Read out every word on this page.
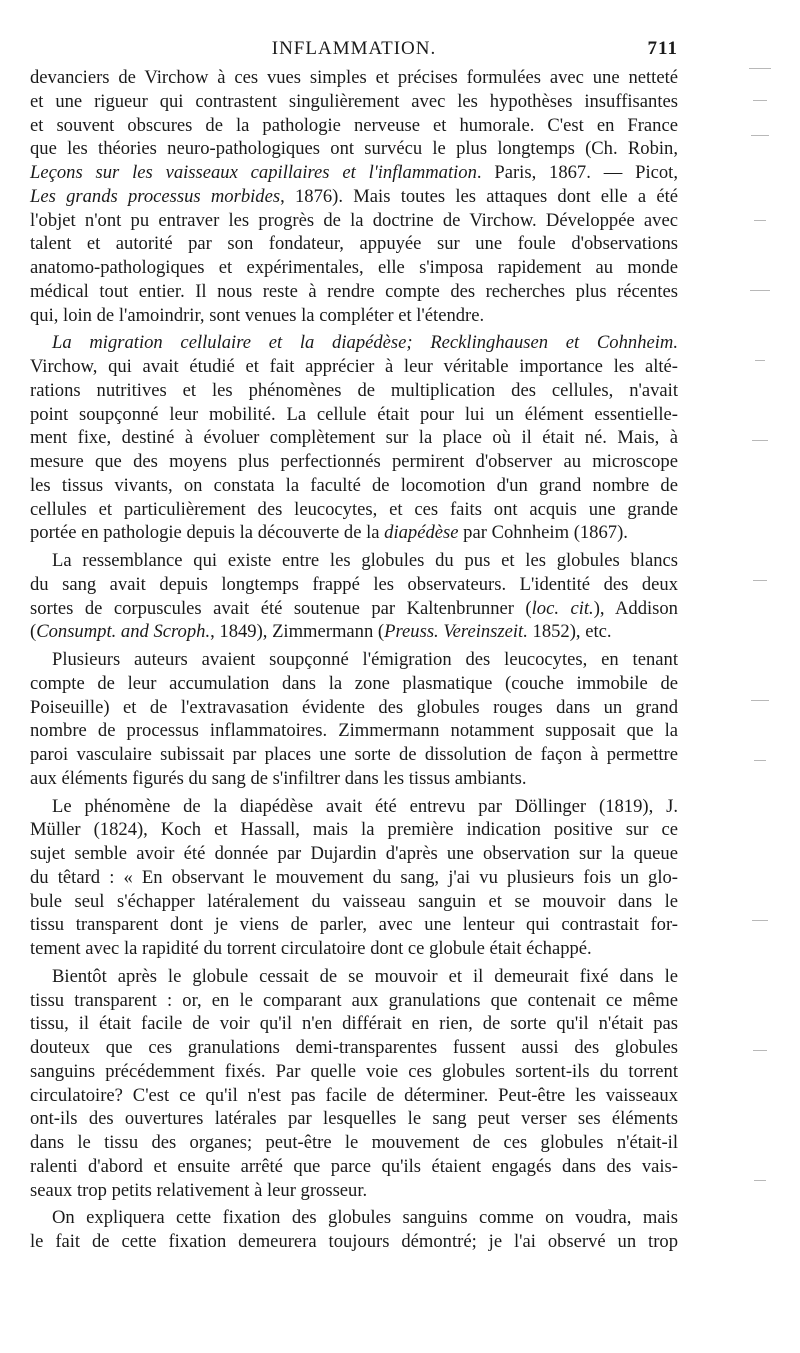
INFLAMMATION.	711
devanciers de Virchow à ces vues simples et précises formulées avec une netteté
et une rigueur qui contrastent singulièrement avec les hypothèses insuffisantes
et souvent obscures de la pathologie nerveuse et humorale. C'est en France
que les théories neuro-pathologiques ont survécu le plus longtemps (Ch. Robin,
Leçons sur les vaisseaux capillaires et l'inflammation. Paris, 1867. — Picot,
Les grands processus morbides, 1876). Mais toutes les attaques dont elle a été
l'objet n'ont pu entraver les progrès de la doctrine de Virchow. Développée avec
talent et autorité par son fondateur, appuyée sur une foule d'observations
anatomo-pathologiques et expérimentales, elle s'imposa rapidement au monde
médical tout entier. Il nous reste à rendre compte des recherches plus récentes
qui, loin de l'amoindrir, sont venues la compléter et l'étendre.
La migration cellulaire et la diapédèse; Recklinghausen et Cohnheim.
Virchow, qui avait étudié et fait apprécier à leur véritable importance les alté-
rations nutritives et les phénomènes de multiplication des cellules, n'avait
point soupçonné leur mobilité. La cellule était pour lui un élément essentielle-
ment fixe, destiné à évoluer complètement sur la place où il était né. Mais, à
mesure que des moyens plus perfectionnés permirent d'observer au microscope
les tissus vivants, on constata la faculté de locomotion d'un grand nombre de
cellules et particulièrement des leucocytes, et ces faits ont acquis une grande
portée en pathologie depuis la découverte de la diapédèse par Cohnheim (1867).
La ressemblance qui existe entre les globules du pus et les globules blancs
du sang avait depuis longtemps frappé les observateurs. L'identité des deux
sortes de corpuscules avait été soutenue par Kaltenbrunner (loc. cit.), Addison
(Consumpt. and Scroph., 1849), Zimmermann (Preuss. Vereinszeit. 1852), etc.
Plusieurs auteurs avaient soupçonné l'émigration des leucocytes, en tenant
compte de leur accumulation dans la zone plasmatique (couche immobile de
Poiseuille) et de l'extravasation évidente des globules rouges dans un grand
nombre de processus inflammatoires. Zimmermann notamment supposait que la
paroi vasculaire subissait par places une sorte de dissolution de façon à permettre
aux éléments figurés du sang de s'infiltrer dans les tissus ambiants.
Le phénomène de la diapédèse avait été entrevu par Döllinger (1819), J.
Müller (1824), Koch et Hassall, mais la première indication positive sur ce
sujet semble avoir été donnée par Dujardin d'après une observation sur la queue
du têtard : « En observant le mouvement du sang, j'ai vu plusieurs fois un glo-
bule seul s'échapper latéralement du vaisseau sanguin et se mouvoir dans le
tissu transparent dont je viens de parler, avec une lenteur qui contrastait for-
tement avec la rapidité du torrent circulatoire dont ce globule était échappé.
Bientôt après le globule cessait de se mouvoir et il demeurait fixé dans le
tissu transparent : or, en le comparant aux granulations que contenait ce même
tissu, il était facile de voir qu'il n'en différait en rien, de sorte qu'il n'était pas
douteux que ces granulations demi-transparentes fussent aussi des globules
sanguins précédemment fixés. Par quelle voie ces globules sortent-ils du torrent
circulatoire? C'est ce qu'il n'est pas facile de déterminer. Peut-être les vaisseaux
ont-ils des ouvertures latérales par lesquelles le sang peut verser ses éléments
dans le tissu des organes; peut-être le mouvement de ces globules n'était-il
ralenti d'abord et ensuite arrêté que parce qu'ils étaient engagés dans des vais-
seaux trop petits relativement à leur grosseur.
On expliquera cette fixation des globules sanguins comme on voudra, mais
le fait de cette fixation demeurera toujours démontré; je l'ai observé un trop
